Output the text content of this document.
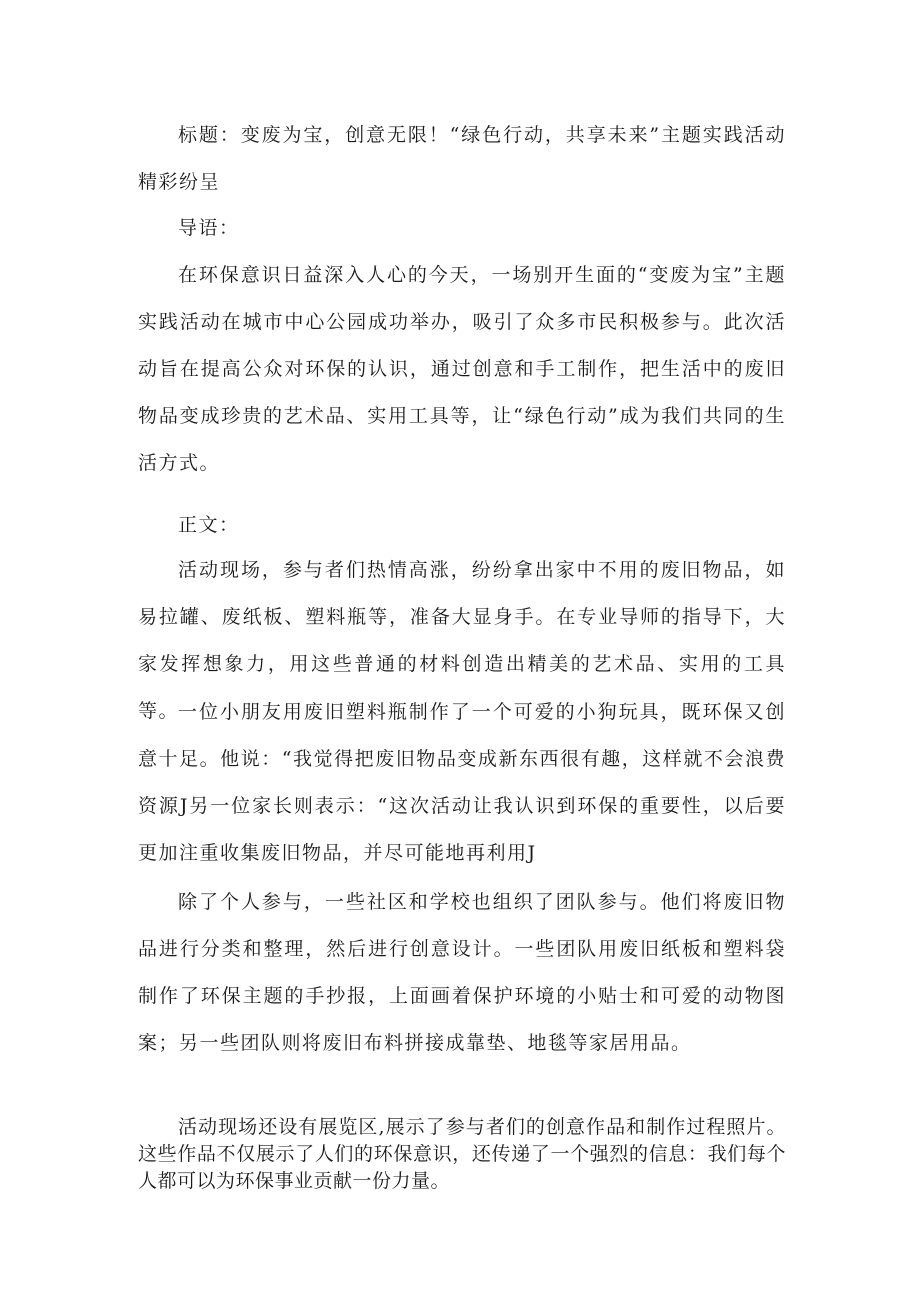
标题：变废为宝，创意无限！“绿色行动，共享未来”主题实践活动精彩纷呈

导语：

在环保意识日益深入人心的今天，一场别开生面的“变废为宝”主题实践活动在城市中心公园成功举办，吸引了众多市民积极参与。此次活动旨在提高公众对环保的认识，通过创意和手工制作，把生活中的废旧物品变成珍贵的艺术品、实用工具等，让“绿色行动”成为我们共同的生活方式。

正文：

活动现场，参与者们热情高涨，纷纷拿出家中不用的废旧物品，如易拉罐、废纸板、塑料瓶等，准备大显身手。在专业导师的指导下，大家发挥想象力，用这些普通的材料创造出精美的艺术品、实用的工具等。

一位小朋友用废旧塑料瓶制作了一个可爱的小狗玩具，既环保又创意十足。他说：“我觉得把废旧物品变成新东西很有趣，这样就不会浪费资源J另一位家长则表示：“这次活动让我认识到环保的重要性，以后要更加注重收集废旧物品，并尽可能地再利用J

除了个人参与，一些社区和学校也组织了团队参与。他们将废旧物品进行分类和整理，然后进行创意设计。一些团队用废旧纸板和塑料袋制作了环保主题的手抄报，上面画着保护环境的小贴士和可爱的动物图案；另一些团队则将废旧布料拼接成靠垫、地毯等家居用品。

活动现场还设有展览区,展示了参与者们的创意作品和制作过程照片。这些作品不仅展示了人们的环保意识，还传递了一个强烈的信息：我们每个人都可以为环保事业贡献一份力量。
